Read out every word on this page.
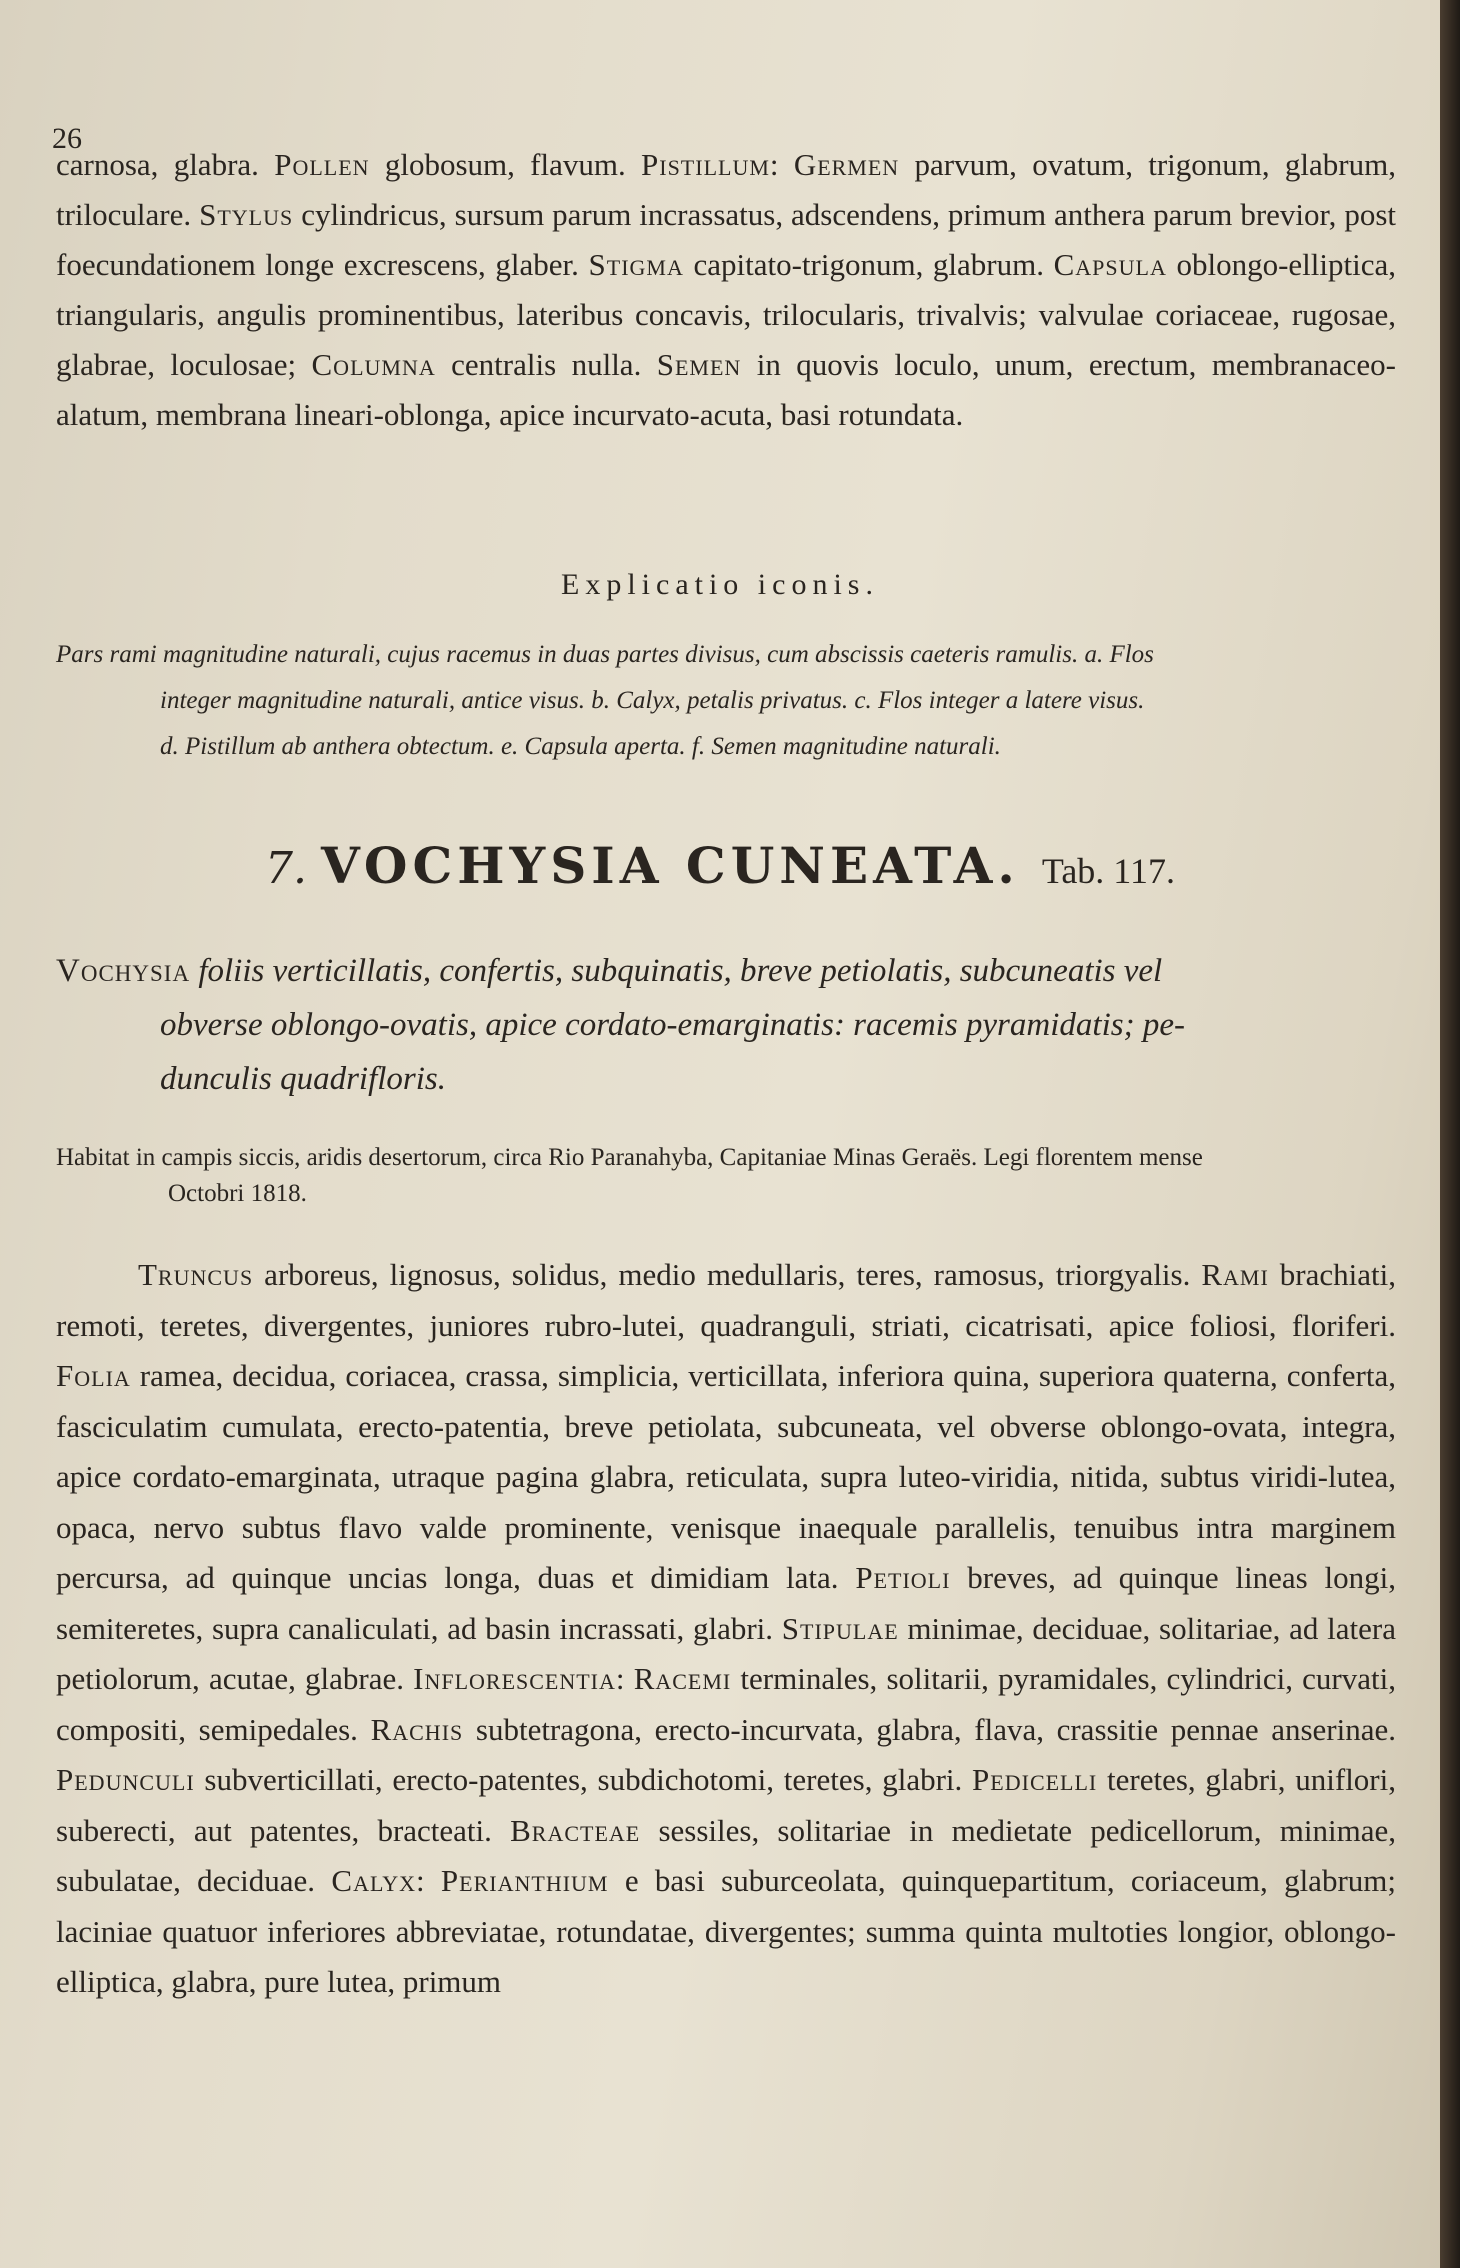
26
carnosa, glabra. Pollen globosum, flavum. Pistillum: Germen parvum, ovatum, trigonum, glabrum, triloculare. Stylus cylindricus, sursum parum incrassatus, adscendens, primum anthera parum brevior, post foecundationem longe excrescens, glaber. Stigma capitato-trigonum, glabrum. Capsula oblongo-elliptica, triangularis, angulis prominentibus, lateribus concavis, trilocularis, trivalvis; valvulae coriaceae, rugosae, glabrae, loculosae; Columna centralis nulla. Semen in quovis loculo, unum, erectum, membranaceo-alatum, membrana lineari-oblonga, apice incurvato-acuta, basi rotundata.
Explicatio iconis.
Pars rami magnitudine naturali, cujus racemus in duas partes divisus, cum abscissis caeteris ramulis. a. Flos
integer magnitudine naturali, antice visus. b. Calyx, petalis privatus. c. Flos integer a latere visus.
d. Pistillum ab anthera obtectum. e. Capsula aperta. f. Semen magnitudine naturali.
7. VOCHYSIA CUNEATA. Tab. 117.
Vochysia foliis verticillatis, confertis, subquinatis, breve petiolatis, subcuneatis vel
obverse oblongo-ovatis, apice cordato-emarginatis: racemis pyramidatis; pe-
dunculis quadrifloris.
Habitat in campis siccis, aridis desertorum, circa Rio Paranahyba, Capitaniae Minas Geraës. Legi florentem mense
Octobri 1818.
Truncus arboreus, lignosus, solidus, medio medullaris, teres, ramosus, triorgyalis. Rami brachiati, remoti, teretes, divergentes, juniores rubro-lutei, quadranguli, striati, cicatrisati, apice foliosi, floriferi. Folia ramea, decidua, coriacea, crassa, simplicia, verticillata, inferiora quina, superiora quaterna, conferta, fasciculatim cumulata, erecto-patentia, breve petiolata, subcuneata, vel obverse oblongo-ovata, integra, apice cordato-emarginata, utraque pagina glabra, reticulata, supra luteo-viridia, nitida, subtus viridi-lutea, opaca, nervo subtus flavo valde prominente, venisque inaequale parallelis, tenuibus intra marginem percursa, ad quinque uncias longa, duas et dimidiam lata. Petioli breves, ad quinque lineas longi, semiteretes, supra canaliculati, ad basin incrassati, glabri. Stipulae minimae, deciduae, solitariae, ad latera petiolorum, acutae, glabrae. Inflorescentia: Racemi terminales, solitarii, pyramidales, cylindrici, curvati, compositi, semipedales. Rachis subtetragona, erecto-incurvata, glabra, flava, crassitie pennae anserinae. Pedunculi subverticillati, erecto-patentes, subdichotomi, teretes, glabri. Pedicelli teretes, glabri, uniflori, suberecti, aut patentes, bracteati. Bracteae sessiles, solitariae in medietate pedicellorum, minimae, subulatae, deciduae. Calyx: Perianthium e basi suburceolata, quinquepartitum, coriaceum, glabrum; laciniae quatuor inferiores abbreviatae, rotundatae, divergentes; summa quinta multoties longior, oblongo-elliptica, glabra, pure lutea, primum
